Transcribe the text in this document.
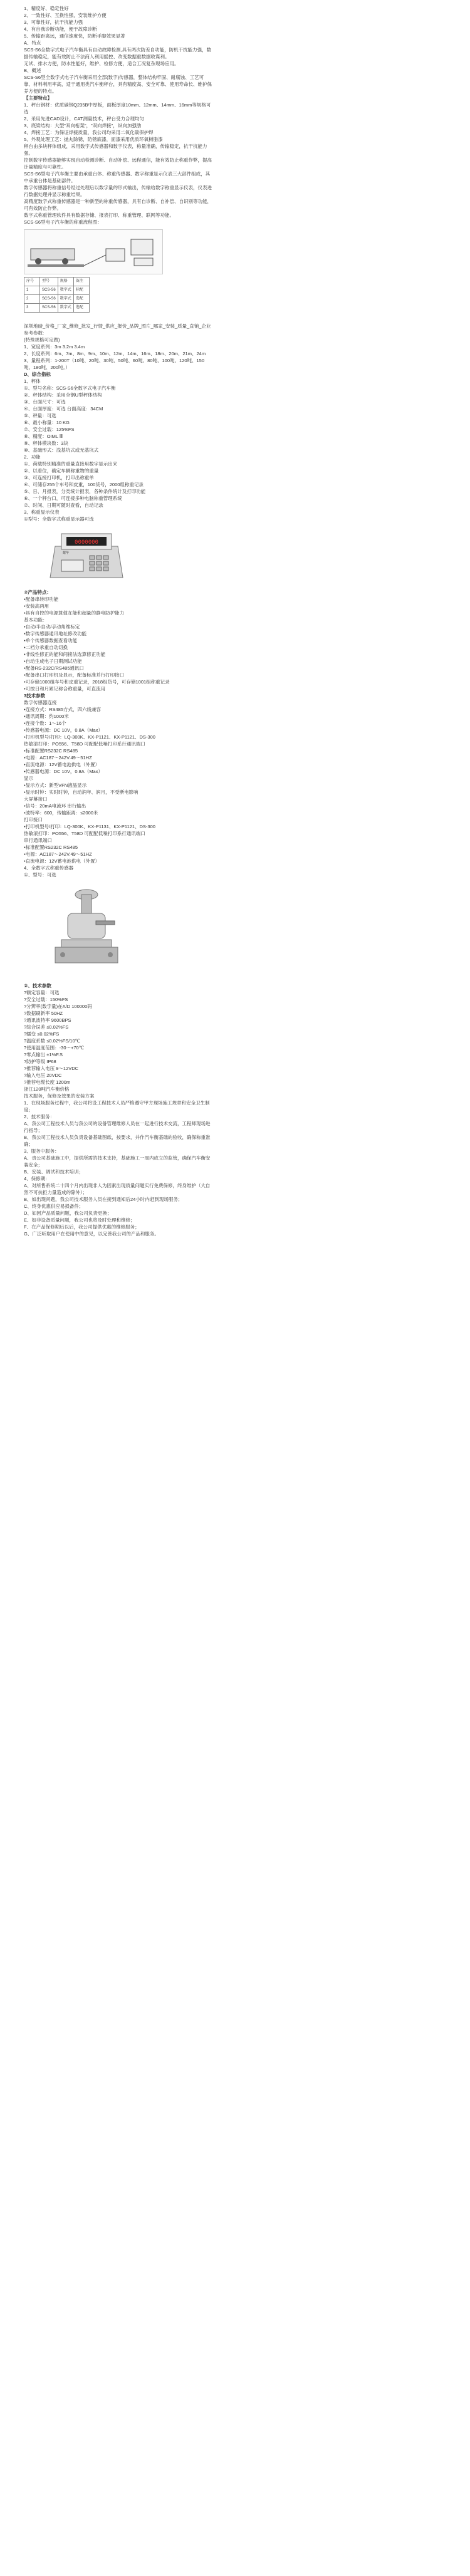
1、精度好、稳定性好

2、一致性好、互换性强，安装维护方便

3、可靠性好，抗干扰能力强

4、有自我诊断功能，便于故障诊断

5、传输距离远，通信速度快，防断手脚效果显著

A、特点

SCS-S6全数字式电子汽车衡具有自动故障检测,具有两次防差自功能，防机干扰能力强，数据传输稳定，能有效防止不法商人利用摇控、改变数据重数据收谋利。

无试、排水方便，防水性能好，维护、检修方便，适合工况复杂现场应用。

B、概述

SCS-S6型全数字式电子汽车衡采用全部(数字)传感器，整体结构牢固、耐腐蚀、工艺可靠、材料利用率高，适于通用类汽车衡秤台，具有精度高、安全可靠、使用寿命长、维护保养方便的特点。

【主要特点】

1、秤台钢材：优质碳钢Q235B中厚板，面板厚度10mm、12mm、14mm、16mm等规格可选

2、采用先进CAD设计，CAT测量技术，秤台受力合理均匀

3、底梁结构：大型"双向桁架"，"双向焊接"，纵向加强肋

4、焊接工艺：为保证焊接质量，我公司均采用二氧化碳保护焊

5、外观处理工艺：抛丸除锈，防锈底漆，面漆采用优质环氧树脂漆

秤台由多块秤体组成，采用数字式传感器和数字仪表，称量准确，传输稳定，抗干扰能力强。

控制数字传感器能够实现自动检测诊断、自动补偿、远程通信，能有效防止称重作弊，提高计量精度与可靠性。

SCS-S6型电子汽车衡主要由承重台体、称重传感器、数字称重显示仪表三大部件组成，其中承重台体是基础部件。

数字传感器将称重信号经过处理后以数字量的形式输出，传输给数字称重显示仪表，仪表进行数据处理并显示称重结果。

高精度数字式称重传感器是一种新型的称重传感器，具有自诊断、自补偿、自识别等功能，可有效防止作弊。

数字式称重管理软件具有数据存储、报表打印、称重管理、联网等功能。

SCS-S6型电子汽车衡的称重流程图：

序号	型号	规格	备注
1	SCS-S6	数字式	标配
2	SCS-S6	数字式	选配
3	SCS-S6	数字式	选配

深圳地磅_价格_厂家_维修_批发_行情_供应_报价_品牌_图片_哪家_安装_质量_直销_企业参考参数:

(特殊规格可定做)

1、宽度系列：3m 3.2m 3.4m

2、长度系列：6m、7m、8m、9m、10m、12m、14m、16m、18m、20m、21m、24m

3、量程系列：1-200T（10吨、20吨、30吨、50吨、60吨、80吨、100吨、120吨、150吨、180吨、200吨。）

D、综合指标

1、秤体

①、型号名称：SCS-S6全数字式电子汽车衡

②、秤体结构：采用全钢U型秤体结构

③、台面尺寸：可选

④、台面厚度：可选 台面高度：34CM

⑤、秤量：可选

⑥、最小称量：10 KG

⑦、安全过载：125%FS

⑧、精度：OIML Ⅲ

⑨、秤体模块数：3块

⑩、基础形式：浅基坑式或无基坑式

2、功能

①、荷载特别精准的重量直接用数字显示出来

②、以看位，确定车辆称重物的重量

③、可连接打印机，打印出称重单

④、可储存255个车号和皮重，100货号，2000组称重记录

⑤、日、月报表，分类统计报表，各种条件统计及打印功能

⑥、一个秤台口，可连接多种电脑称重管理系统

⑦、时间、日期可随时查看，自动记录

3、称重显示仪表

①型号：全数字式称重显示器可选

0000000
耀华

②产品特点：

•配备串转印功能

•安装高两用

•具有自控的电源算值在能和超量的静电防护能力

基本功能：

•自动/半自动/手动角维标定

•数字传感器通讯地址修改功能

•单个传感器数据查看功能

•二档分承重自动切换

•非线性修正的能和间接法选算修正功能

•自动生成电子日期测试功能

•配备RS-232C/RS485通讯口

•配备串口打印机及显示，配备标准并行打印接口

•可存储1000组车号和皮重记录，2018组货号，可存储1001组称重记录

•可按日和月累记称合称重量，可直流用

3技术参数

数字传感器连接

•连接方式：RS485方式，四六线兼容

•通讯周期：约1000米

•连接个数：1～16个

•传感器电源：DC 10V，0.8A（Max）

•打印机型号/打印：LQ-300K、KX-P1121、KX-P1121、DS-300

热敏滚打印：PO556、T58D 可配配低噪打印系行通讯端口

•标准配置RS232C RS485

•电源：AC187～242V.49～51HZ

•直流电源：12V蓄电池供电（外置）

•传感器电源：DC 10V，0.8A（Max）

显示

•显示方式：新型VFN液晶显示

•显示时钟：实时时钟，自动润年、润月，不受断电影响

大屏幕接口

•信号：20mA电流环 串行输出

•波特率：600，传输距离：≤2000米

打印接口

•打印机型号/打印：LQ-300K、KX-P1131、KX-P1121、DS-300

热敏滚打印：PO556、T58D 可配配低噪打印系行通讯端口

串行通讯端口

•标准配置RS232C RS485

•电源：AC187～242V.49～51HZ

•直流电源：12V蓄电池供电（外置）

4、全数字式称重传感器

①、型号：可选

②、技术参数

?额定容量：可选

?安全过载：150%FS

?分辨率(数字量)在A/D 100000码

?数据刷新率 50HZ

?通讯波特率 9600BPS

?综合误差 ≤0.02%FS

?蠕变 ≤0.02%FS

?温度系数 ≤0.02%FS/10℃

?使用温度范围：-30～+70℃

?零点输出 ±1%F.S

?防护等级 IP68

?推荐输入电压 9～12VDC

?输入电压 20VDC

?推荐电缆长度 1200m

浙江120吨汽车衡价格

技术服务，保修及效果的安装方案

1、在现场服务过程中，我公司将设工程技术人员严格遵守甲方现场施工规章和安全卫生制度；

2、技术服务：

A、我公司工程技术人员与我公司的设备管理维修人员在一起进行技术交流，工程师现场进行指导；

B、我公司工程技术人员负责设备基础图纸，按要求，并作汽车衡基础的验收，确保称重准确；

3、服务中服务：

A、责公司基础施工中，提供所需的技术支持，基础施工一周内成立的监管，确保汽车衡安装安全；

B、安装、调试和技术培训；

4、保修期：

A、对所售系统二十四个月内出现非人为因素出现质量问题实行免费保修，终身维护（大自然不可抗拒力量造成的除外）；

B、如出现问题，我公司技术服务人员在接到通知后24小时内赶到现场服务；

C、终身优惠供应易损备件；

D、如因产品质量问题，我公司负责更换；

E、如非设备质量问题，我公司也将及时处理和维修；

F、在产品保修期后以后，我公司提供优惠的维修服务；

G、广泛听取用户在使用中的意见，以完善我公司的产品和服务。
